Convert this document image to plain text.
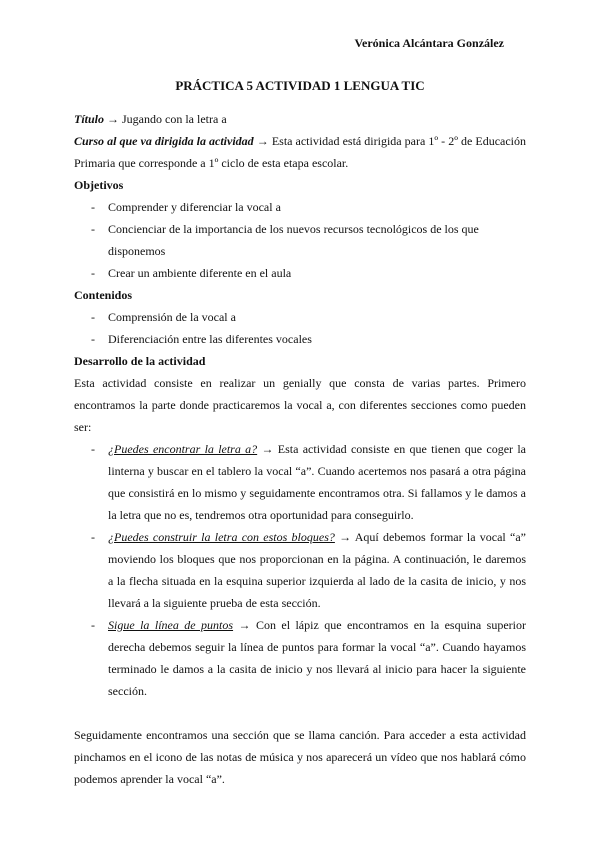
Verónica Alcántara González
PRÁCTICA 5 ACTIVIDAD 1 LENGUA TIC

Título → Jugando con la letra a

Curso al que va dirigida la actividad → Esta actividad está dirigida para 1º - 2º de Educación Primaria que corresponde a 1º ciclo de esta etapa escolar.

Objetivos

- Comprender y diferenciar la vocal a
- Concienciar de la importancia de los nuevos recursos tecnológicos de los que disponemos
- Crear un ambiente diferente en el aula

Contenidos

- Comprensión de la vocal a
- Diferenciación entre las diferentes vocales

Desarrollo de la actividad

Esta actividad consiste en realizar un genially que consta de varias partes. Primero encontramos la parte donde practicaremos la vocal a, con diferentes secciones como pueden ser:

- ¿Puedes encontrar la letra a? → Esta actividad consiste en que tienen que coger la linterna y buscar en el tablero la vocal “a”. Cuando acertemos nos pasará a otra página que consistirá en lo mismo y seguidamente encontramos otra. Si fallamos y le damos a la letra que no es, tendremos otra oportunidad para conseguirlo.
- ¿Puedes construir la letra con estos bloques? → Aquí debemos formar la vocal “a” moviendo los bloques que nos proporcionan en la página. A continuación, le daremos a la flecha situada en la esquina superior izquierda al lado de la casita de inicio, y nos llevará a la siguiente prueba de esta sección.
- Sigue la línea de puntos → Con el lápiz que encontramos en la esquina superior derecha debemos seguir la línea de puntos para formar la vocal “a”. Cuando hayamos terminado le damos a la casita de inicio y nos llevará al inicio para hacer la siguiente sección.

Seguidamente encontramos una sección que se llama canción. Para acceder a esta actividad pinchamos en el icono de las notas de música y nos aparecerá un vídeo que nos hablará cómo podemos aprender la vocal “a”.
